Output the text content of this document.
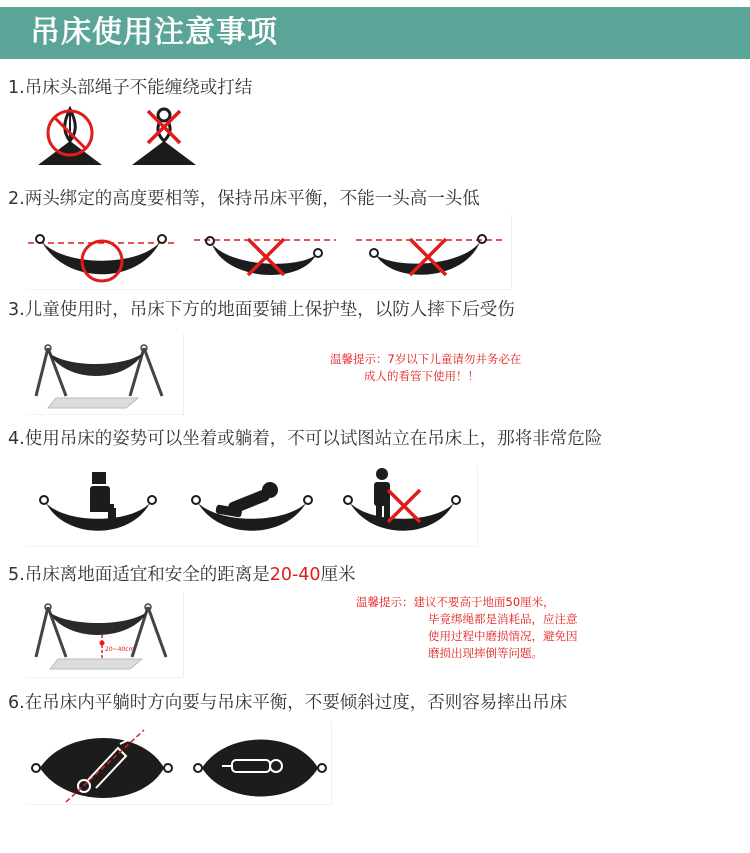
吊床使用注意事项
1.吊床头部绳子不能缠绕或打结
2.两头绑定的高度要相等，保持吊床平衡，不能一头高一头低
3.儿童使用时，吊床下方的地面要铺上保护垫，以防人摔下后受伤
温馨提示：7岁以下儿童请勿并务必在
成人的看管下使用！！
4.使用吊床的姿势可以坐着或躺着，不可以试图站立在吊床上，那将非常危险
5.吊床离地面适宜和安全的距离是20-40厘米
20~40cm
温馨提示：建议不要高于地面50厘米，
毕竟绑绳都是消耗品，应注意
使用过程中磨损情况，避免因
磨损出现摔倒等问题。
6.在吊床内平躺时方向要与吊床平衡，不要倾斜过度，否则容易摔出吊床
